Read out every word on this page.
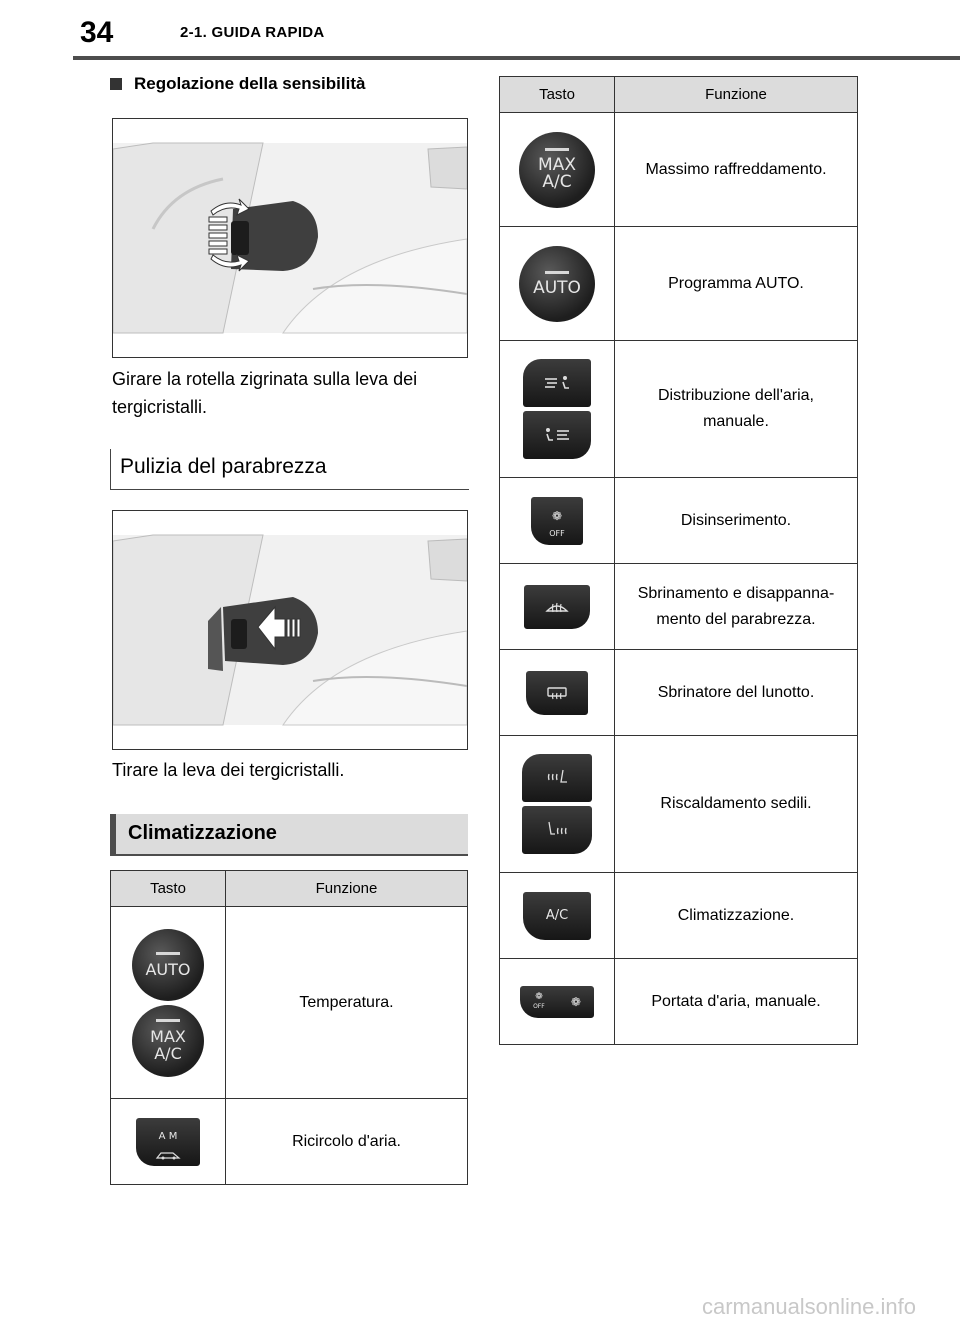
34	2-1. GUIDA RAPIDA
Regolazione della sensibilità
Girare la rotella zigrinata sulla leva dei
tergicristalli.
Pulizia del parabrezza
Tirare la leva dei tergicristalli.
Climatizzazione
Tasto	Funzione

AUTO
MAX A/C	Temperatura.

A M	Ricircolo d'aria.
Tasto	Funzione

MAX A/C	Massimo raffreddamento.

AUTO	Programma AUTO.

Distribuzione dell'aria,
manuale.

❁
OFF	Disinserimento.

Sbrinamento e disappanna-
mento del parabrezza.

Sbrinatore del lunotto.

Riscaldamento sedili.

A/C	Climatizzazione.

❁
OFF ❁	Portata d'aria, manuale.
carmanualsonline.info
